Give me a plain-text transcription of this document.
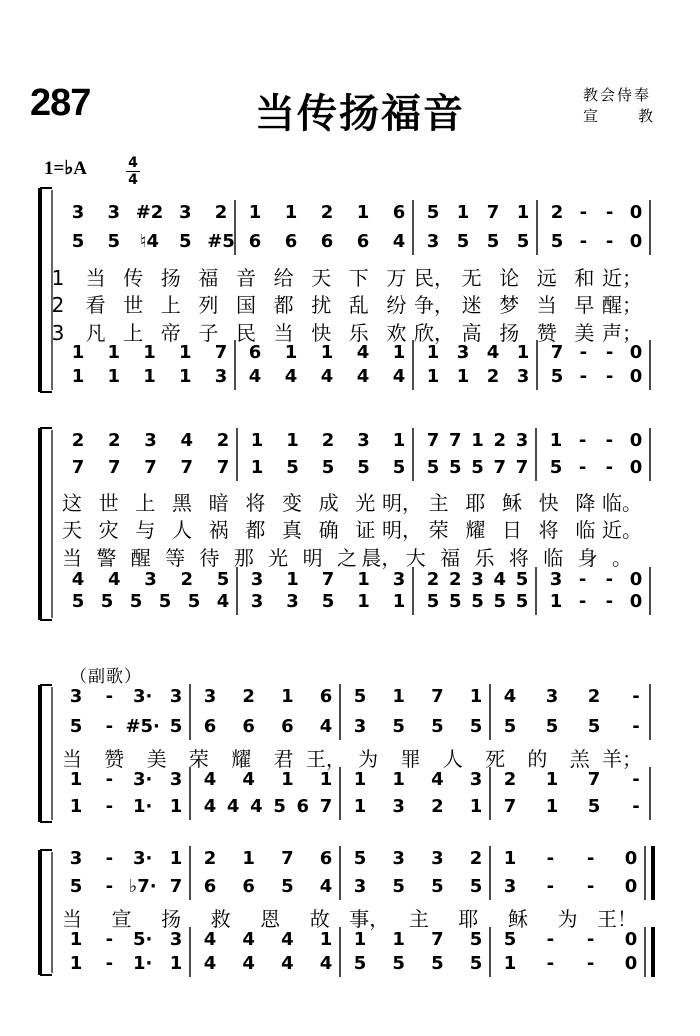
287	当传扬福音	教会侍奉
宣	教
1=♭A	4
4
（副歌）
3 3 #2 3 2 1 1 2 1 6 5 1 7 1 2 - - 0
5 5 ♮4 5 #5 6 6 6 6 4 3 5 5 5 5 - - 0
1 1 1 1 7 6 1 1 4 1 1 3 4 1 7 - - 0
1 1 1 1 3 4 4 4 4 4 1 1 2 3 5 - - 0
1 当 传 扬 福 音 给 天 下 万 民， 无 论 远 和 近；
2 看 世 上 列 国 都 扰 乱 纷 争， 迷 梦 当 早 醒；
3 凡 上 帝 子 民 当 快 乐 欢 欣， 高 扬 赞 美 声；
2 2 3 4 2 1 1 2 3 1 7 7 1 2 3 1 - - 0
7 7 7 7 7 1 5 5 5 5 5 5 5 7 7 5 - - 0
4 4 3 2 5 3 1 7 1 3 2 2 3 4 5 3 - - 0
5 5 5 5 5 4 3 3 5 1 1 5 5 5 5 5 1 - - 0
这 世 上 黑 暗 将 变 成 光 明， 主 耶 稣 快 降 临。
天 灾 与 人 祸 都 真 确 证 明， 荣 耀 日 将 临 近。
当 警 醒 等 待 那 光 明 之 晨， 大 福 乐 将 临 身 。
3 - 3· 3 3 2 1 6 5 1 7 1 4 3 2 -
5 - #5· 5 6 6 6 4 3 5 5 5 5 5 5 -
1 - 3· 3 4 4 1 1 1 1 4 3 2 1 7 -
1 - 1· 1 4 4 4 5 6 7 1 3 2 1 7 1 5 -
当 赞 美 荣 耀 君 王， 为 罪 人 死 的 羔 羊；
3 - 3· 1 2 1 7 6 5 3 3 2 1 - - 0
5 - ♭7· 7 6 6 5 4 3 5 5 5 3 - - 0
1 - 5· 3 4 4 4 1 1 1 7 5 5 - - 0
1 - 1· 1 4 4 4 4 5 5 5 5 1 - - 0
当 宣 扬 救 恩 故 事， 主 耶 稣 为 王！
